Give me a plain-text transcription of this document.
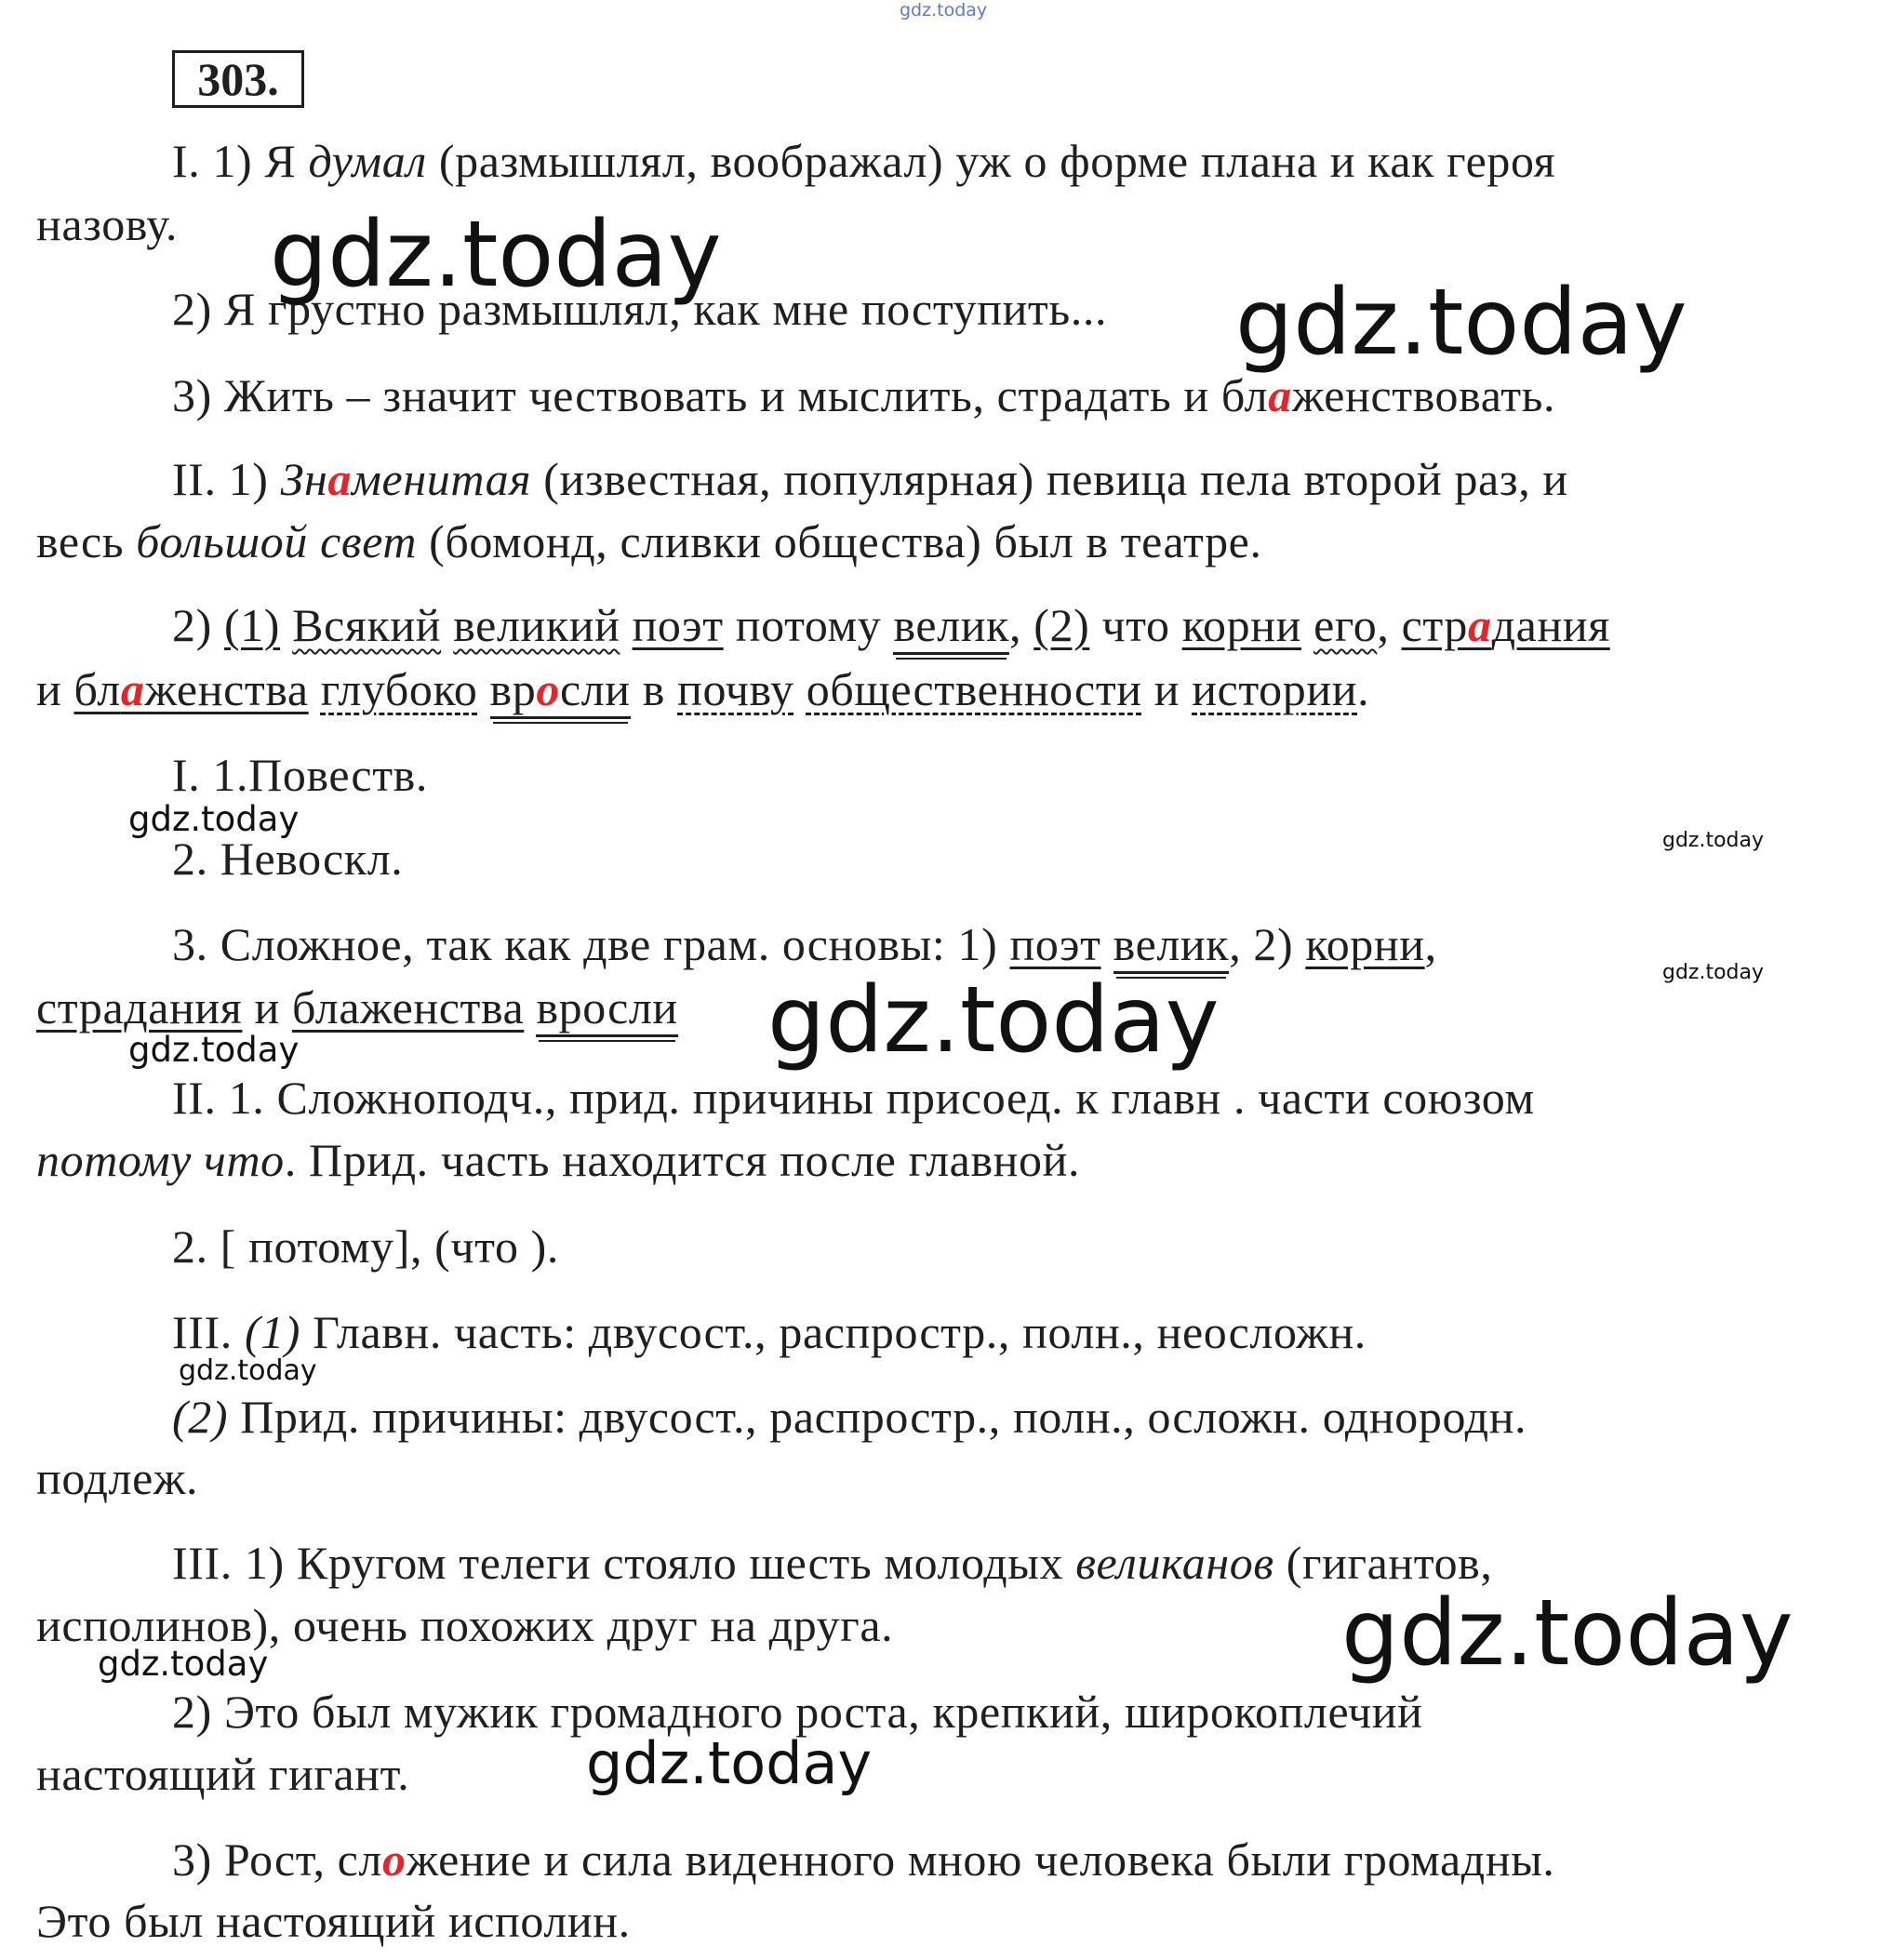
303.
I. 1) Я думал (размышлял, воображал) уж о форме плана и как героя
назову.
2) Я грустно размышлял, как мне поступить...
3) Жить – значит чествовать и мыслить, страдать и блаженствовать.
II. 1) Знаменитая (известная, популярная) певица пела второй раз, и
весь большой свет (бомонд, сливки общества) был в театре.
2) (1) Всякий великий поэт потому велик, (2) что корни его, страдания
и блаженства глубоко вросли в почву общественности и истории.
I. 1.Повеств.
2. Невоскл.
3. Сложное, так как две грам. основы: 1) поэт велик, 2) корни,
страдания и блаженства вросли
II. 1. Сложноподч., прид. причины присоед. к главн . части союзом
потому что. Прид. часть находится после главной.
2. [ потому], (что ).
III. (1) Главн. часть: двусост., распростр., полн., неосложн.
(2) Прид. причины: двусост., распростр., полн., осложн. однородн.
подлеж.
III. 1) Кругом телеги стояло шесть молодых великанов (гигантов,
исполинов), очень похожих друг на друга.
2) Это был мужик громадного роста, крепкий, широкоплечий
настоящий гигант.
3) Рост, сложение и сила виденного мною человека были громадны.
Это был настоящий исполин.
gdz.today
gdz.today
gdz.today
gdz.today
gdz.today
gdz.today
gdz.today
gdz.today
gdz.today
gdz.today
gdz.today
gdz.today
